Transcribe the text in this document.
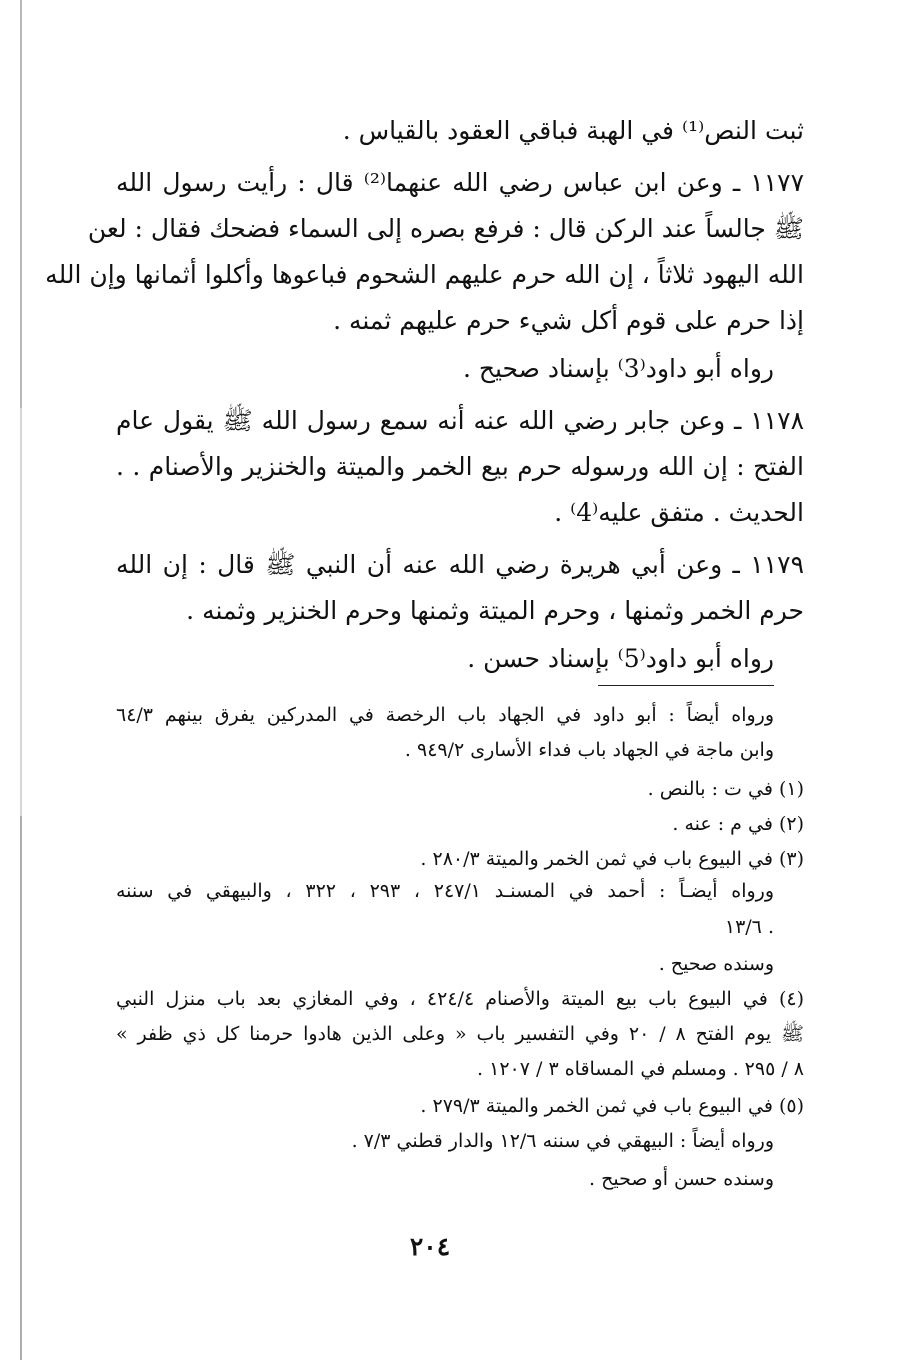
ثبت النص⁽¹⁾ في الهبة فباقي العقود بالقياس .
١١٧٧ ـ وعن ابن عباس رضي الله عنهما⁽²⁾ قال : رأيت رسول الله
ﷺ جالساً عند الركن قال : فرفع بصره إلى السماء فضحك فقال : لعن
الله اليهود ثلاثاً ، إن الله حرم عليهم الشحوم فباعوها وأكلوا أثمانها وإن الله
إذا حرم على قوم أكل شيء حرم عليهم ثمنه .
رواه أبو داود⁽3⁾ بإسناد صحيح .
١١٧٨ ـ وعن جابر رضي الله عنه أنه سمع رسول الله ﷺ يقول عام
الفتح : إن الله ورسوله حرم بيع الخمر والميتة والخنزير والأصنام . .
الحديث . متفق عليه⁽4⁾ .
١١٧٩ ـ وعن أبي هريرة رضي الله عنه أن النبي ﷺ قال : إن الله
حرم الخمر وثمنها ، وحرم الميتة وثمنها وحرم الخنزير وثمنه .
رواه أبو داود⁽5⁾ بإسناد حسن .
ورواه أيضاً : أبو داود في الجهاد باب الرخصة في المدركين يفرق بينهم ٦٤/٣
وابن ماجة في الجهاد باب فداء الأسارى ٩٤٩/٢ .
(١) في ت : بالنص .
(٢) في م : عنه .
(٣) في البيوع باب في ثمن الخمر والميتة ٢٨٠/٣ .
ورواه أيضـاً : أحمد في المسنـد ٢٤٧/١ ، ٢٩٣ ، ٣٢٢ ، والبيهقي في سننه
١٣/٦ .
وسنده صحيح .
(٤) في البيوع باب بيع الميتة والأصنام ٤٢٤/٤ ، وفي المغازي بعد باب منزل النبي
ﷺ يوم الفتح ٨ / ٢٠ وفي التفسير باب « وعلى الذين هادوا حرمنا كل ذي ظفر »
٨ / ٢٩٥ . ومسلم في المساقاه ٣ / ١٢٠٧ .
(٥) في البيوع باب في ثمن الخمر والميتة ٢٧٩/٣ .
ورواه أيضاً : البيهقي في سننه ١٢/٦ والدار قطني ٧/٣ .
وسنده حسن أو صحيح .
٢٠٤
